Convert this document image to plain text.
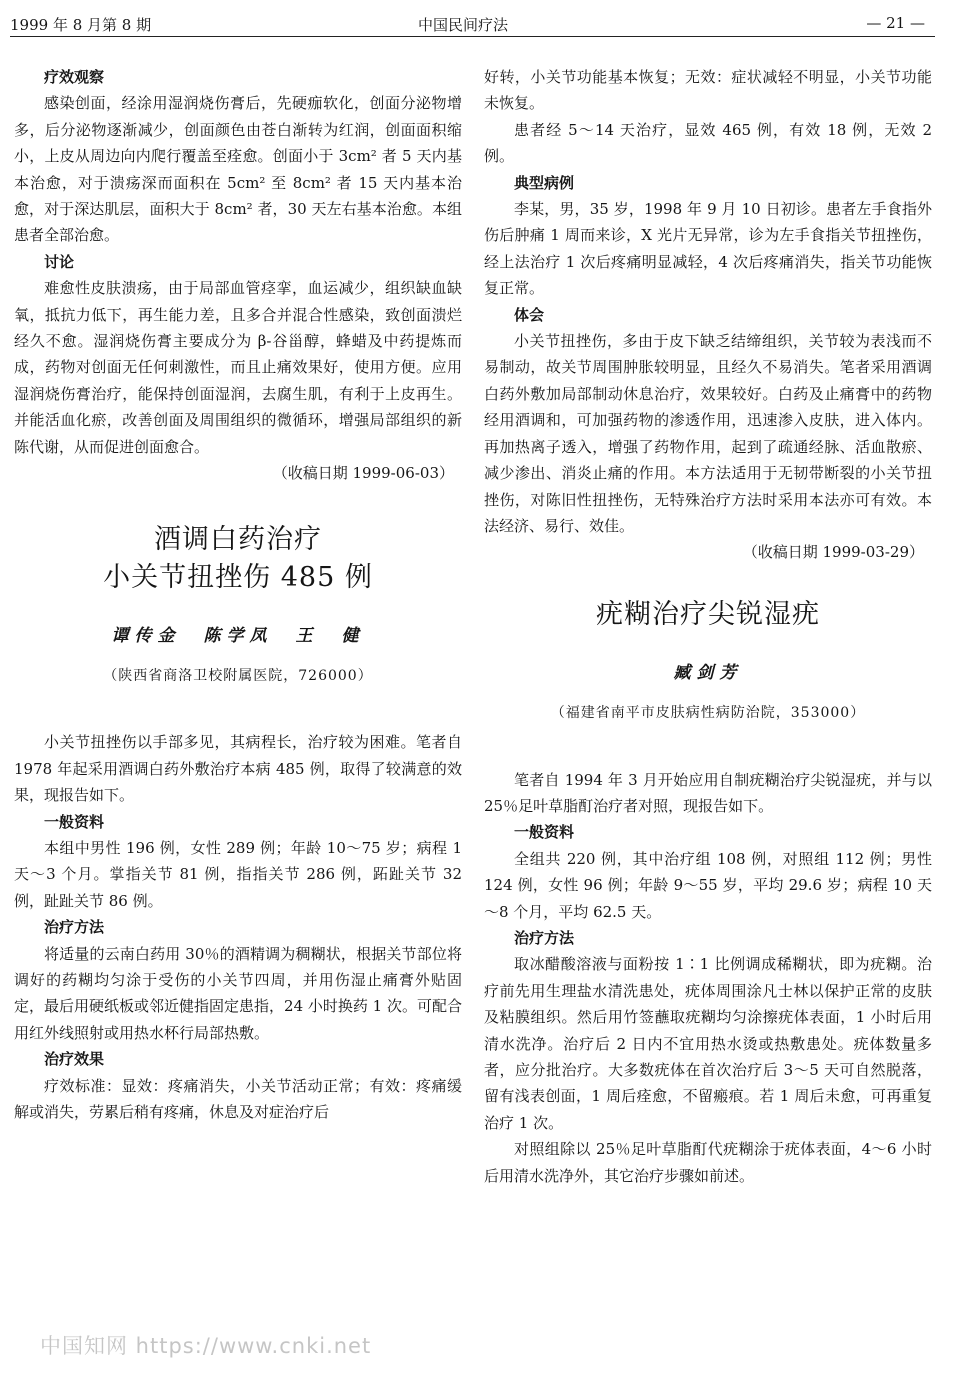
1999 年 8 月第 8 期	中国民间疗法	— 21 —
疗效观察

感染创面，经涂用湿润烧伤膏后，先硬痂软化，创面分泌物增多，后分泌物逐渐减少，创面颜色由苍白渐转为红润，创面面积缩小，上皮从周边向内爬行覆盖至痊愈。创面小于 3cm² 者 5 天内基本治愈，对于溃疡深而面积在 5cm² 至 8cm² 者 15 天内基本治愈，对于深达肌层，面积大于 8cm² 者，30 天左右基本治愈。本组患者全部治愈。

讨论

难愈性皮肤溃疡，由于局部血管痉挛，血运减少，组织缺血缺氧，抵抗力低下，再生能力差，且多合并混合性感染，致创面溃烂经久不愈。湿润烧伤膏主要成分为 β-谷甾醇，蜂蜡及中药提炼而成，药物对创面无任何刺激性，而且止痛效果好，使用方便。应用湿润烧伤膏治疗，能保持创面湿润，去腐生肌，有利于上皮再生。并能活血化瘀，改善创面及周围组织的微循环，增强局部组织的新陈代谢，从而促进创面愈合。

（收稿日期 1999-06-03）

酒调白药治疗
小关节扭挫伤 485 例
谭传金　陈学凤　王　健
（陕西省商洛卫校附属医院，726000）

小关节扭挫伤以手部多见，其病程长，治疗较为困难。笔者自 1978 年起采用酒调白药外敷治疗本病 485 例，取得了较满意的效果，现报告如下。

一般资料

本组中男性 196 例，女性 289 例；年龄 10～75 岁；病程 1 天～3 个月。掌指关节 81 例，指指关节 286 例，跖趾关节 32 例，趾趾关节 86 例。

治疗方法

将适量的云南白药用 30％的酒精调为稠糊状，根据关节部位将调好的药糊均匀涂于受伤的小关节四周，并用伤湿止痛膏外贴固定，最后用硬纸板或邻近健指固定患指，24 小时换药 1 次。可配合用红外线照射或用热水杯行局部热敷。

治疗效果

疗效标准：显效：疼痛消失，小关节活动正常；有效：疼痛缓解或消失，劳累后稍有疼痛，休息及对症治疗后

好转，小关节功能基本恢复；无效：症状减轻不明显，小关节功能未恢复。

患者经 5～14 天治疗，显效 465 例，有效 18 例，无效 2 例。

典型病例

李某，男，35 岁，1998 年 9 月 10 日初诊。患者左手食指外伤后肿痛 1 周而来诊，X 光片无异常，诊为左手食指关节扭挫伤，经上法治疗 1 次后疼痛明显减轻，4 次后疼痛消失，指关节功能恢复正常。

体会

小关节扭挫伤，多由于皮下缺乏结缔组织，关节较为表浅而不易制动，故关节周围肿胀较明显，且经久不易消失。笔者采用酒调白药外敷加局部制动休息治疗，效果较好。白药及止痛膏中的药物经用酒调和，可加强药物的渗透作用，迅速渗入皮肤，进入体内。再加热离子透入，增强了药物作用，起到了疏通经脉、活血散瘀、减少渗出、消炎止痛的作用。本方法适用于无韧带断裂的小关节扭挫伤，对陈旧性扭挫伤，无特殊治疗方法时采用本法亦可有效。本法经济、易行、效佳。

（收稿日期 1999-03-29）

疣糊治疗尖锐湿疣
臧剑芳
（福建省南平市皮肤病性病防治院，353000）

笔者自 1994 年 3 月开始应用自制疣糊治疗尖锐湿疣，并与以 25％足叶草脂酊治疗者对照，现报告如下。

一般资料

全组共 220 例，其中治疗组 108 例，对照组 112 例；男性 124 例，女性 96 例；年龄 9～55 岁，平均 29.6 岁；病程 10 天～8 个月，平均 62.5 天。

治疗方法

取冰醋酸溶液与面粉按 1∶1 比例调成稀糊状，即为疣糊。治疗前先用生理盐水清洗患处，疣体周围涂凡士林以保护正常的皮肤及粘膜组织。然后用竹签蘸取疣糊均匀涂擦疣体表面，1 小时后用清水洗净。治疗后 2 日内不宜用热水烫或热敷患处。疣体数量多者，应分批治疗。大多数疣体在首次治疗后 3～5 天可自然脱落，留有浅表创面，1 周后痊愈，不留瘢痕。若 1 周后未愈，可再重复治疗 1 次。

对照组除以 25％足叶草脂酊代疣糊涂于疣体表面，4～6 小时后用清水洗净外，其它治疗步骤如前述。

中国知网 https://www.cnki.net
